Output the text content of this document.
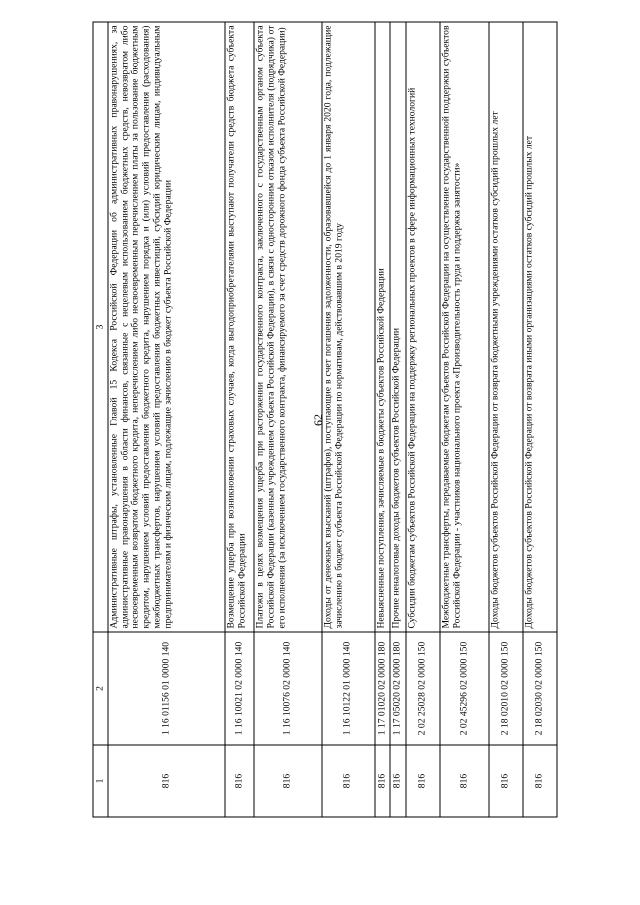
62
1	2	3
816	1 16 01156 01 0000 140	Административные штрафы, установленные Главой 15 Кодекса Российской Федерации об административных правонарушениях, за административные правонарушения в области финансов, связанные с нецелевым использованием бюджетных средств, невозвратом либо несвоевременным возвратом бюджетного кредита, неперечислением либо несвоевременным перечислением платы за пользование бюджетным кредитом, нарушением условий предоставления бюджетного кредита, нарушением порядка и (или) условий предоставления (расходования) межбюджетных трансфертов, нарушением условий предоставления бюджетных инвестиций, субсидий юридическим лицам, индивидуальным предпринимателям и физическим лицам, подлежащие зачислению в бюджет субъекта Российской Федерации
816	1 16 10021 02 0000 140	Возмещение ущерба при возникновении страховых случаев, когда выгодоприобретателями выступают получатели средств бюджета субъекта Российской Федерации
816	1 16 10076 02 0000 140	Платежи в целях возмещения ущерба при расторжении государственного контракта, заключенного с государственным органом субъекта Российской Федерации (казенным учреждением субъекта Российской Федерации), в связи с односторонним отказом исполнителя (подрядчика) от его исполнения (за исключением государственного контракта, финансируемого за счет средств дорожного фонда субъекта Российской Федерации)
816	1 16 10122 01 0000 140	Доходы от денежных взысканий (штрафов), поступающие в счет погашения задолженности, образовавшейся до 1 января 2020 года, подлежащие зачислению в бюджет субъекта Российской Федерации по нормативам, действовавшим в 2019 году
816	1 17 01020 02 0000 180	Невыясненные поступления, зачисляемые в бюджеты субъектов Российской Федерации
816	1 17 05020 02 0000 180	Прочие неналоговые доходы бюджетов субъектов Российской Федерации
816	2 02 25028 02 0000 150	Субсидии бюджетам субъектов Российской Федерации на поддержку региональных проектов в сфере информационных технологий
816	2 02 45296 02 0000 150	Межбюджетные трансферты, передаваемые бюджетам субъектов Российской Федерации на осуществление государственной поддержки субъектов Российской Федерации - участников национального проекта «Производительность труда и поддержка занятости»
816	2 18 02010 02 0000 150	Доходы бюджетов субъектов Российской Федерации от возврата бюджетными учреждениями остатков субсидий прошлых лет
816	2 18 02030 02 0000 150	Доходы бюджетов субъектов Российской Федерации от возврата иными организациями остатков субсидий прошлых лет
